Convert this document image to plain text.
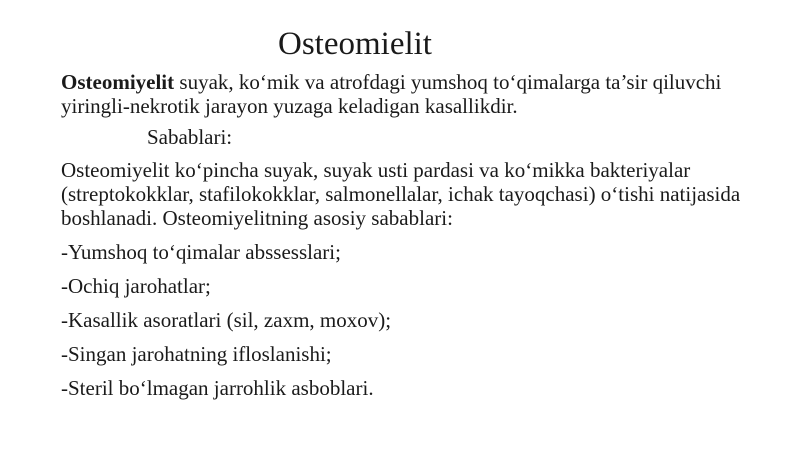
Osteomielit

Osteomiyelit suyak, ko‘mik va atrofdagi yumshoq to‘qimalarga ta’sir qiluvchi yiringli-nekrotik jarayon yuzaga keladigan kasallikdir.

Sabablari:

Osteomiyelit ko‘pincha suyak, suyak usti pardasi va ko‘mikka bakteriyalar (streptokokklar, stafilokokklar, salmonellalar, ichak tayoqchasi) o‘tishi natijasida boshlanadi. Osteomiyelitning asosiy sabablari:

-Yumshoq to‘qimalar abssesslari;

-Ochiq jarohatlar;

-Kasallik asoratlari (sil, zaxm, moxov);

-Singan jarohatning ifloslanishi;

-Steril bo‘lmagan jarrohlik asboblari.
